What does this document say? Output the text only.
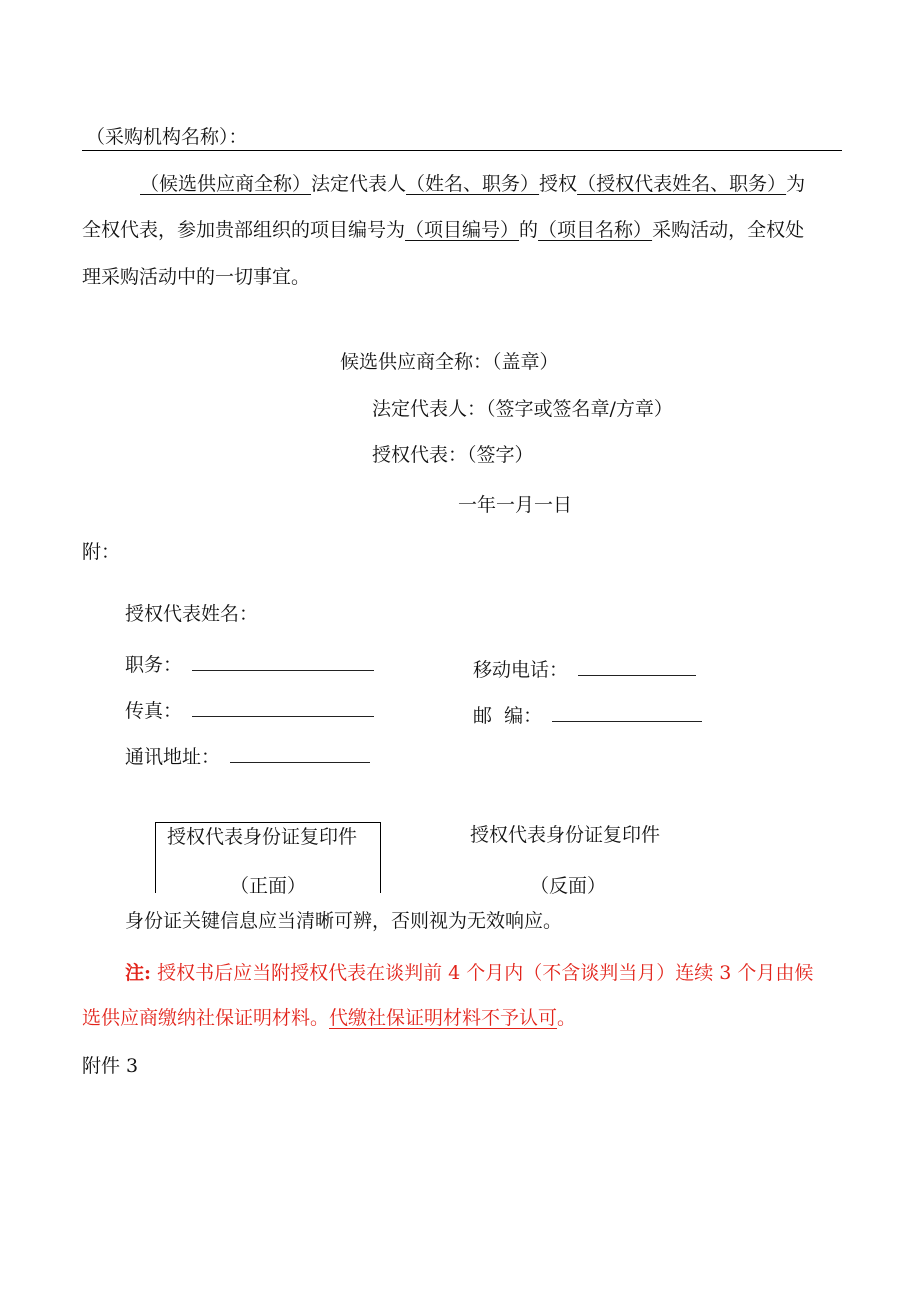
（采购机构名称）：
（候选供应商全称）法定代表人（姓名、职务）授权（授权代表姓名、职务）为
全权代表，参加贵部组织的项目编号为（项目编号）的（项目名称）采购活动，全权处
理采购活动中的一切事宜。
候选供应商全称：（盖章）
法定代表人：（签字或签名章/方章）
授权代表：（签字）
一年一月一日
附：
授权代表姓名：
职务：	移动电话：
传真：	邮  编：
通讯地址：
授权代表身份证复印件
（正面）
授权代表身份证复印件
（反面）
身份证关键信息应当清晰可辨，否则视为无效响应。
注: 授权书后应当附授权代表在谈判前 4 个月内（不含谈判当月）连续 3 个月由候
选供应商缴纳社保证明材料。代缴社保证明材料不予认可。
附件 3
